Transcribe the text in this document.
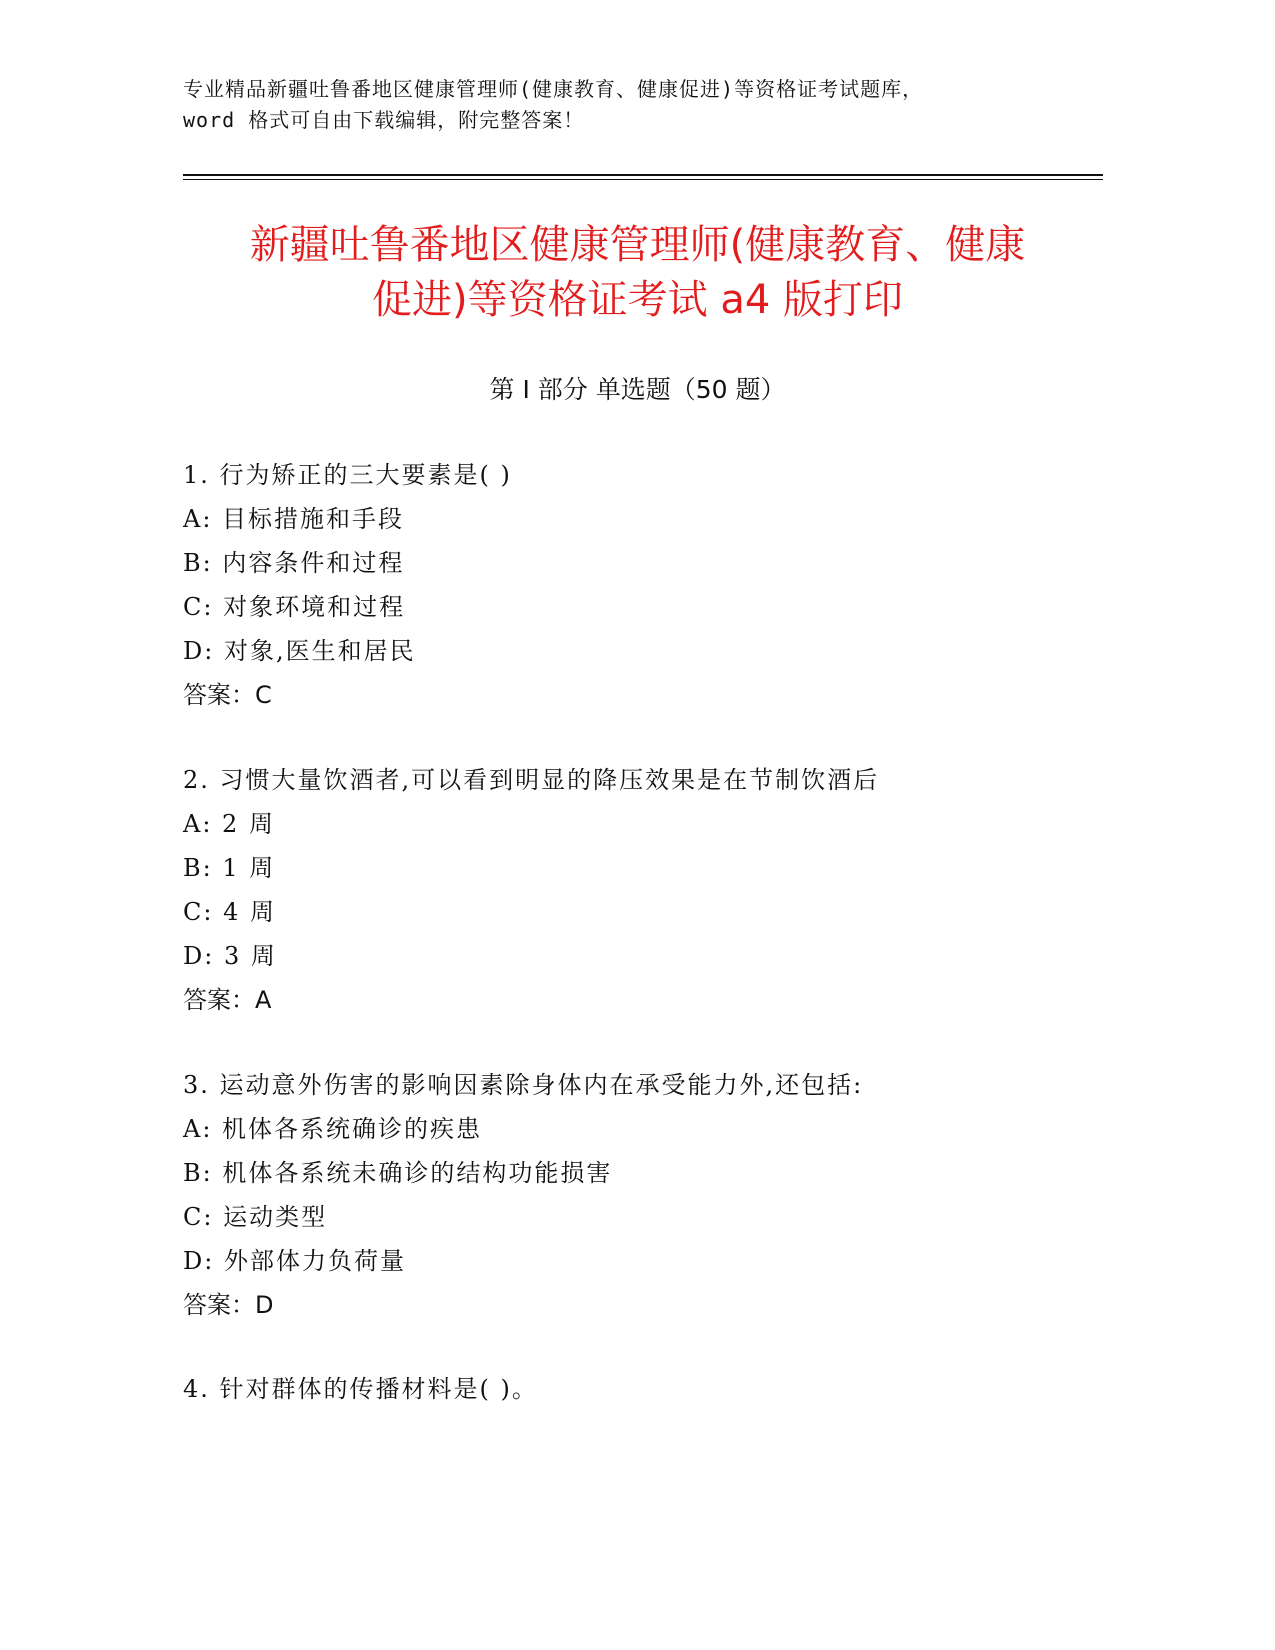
专业精品新疆吐鲁番地区健康管理师(健康教育、健康促进)等资格证考试题库，
word 格式可自由下载编辑，附完整答案！
新疆吐鲁番地区健康管理师(健康教育、健康
促进)等资格证考试 a4 版打印
第 I 部分 单选题（50 题）
1. 行为矫正的三大要素是( )
A: 目标措施和手段
B: 内容条件和过程
C: 对象环境和过程
D: 对象,医生和居民
答案：C
2. 习惯大量饮酒者,可以看到明显的降压效果是在节制饮酒后
A: 2 周
B: 1 周
C: 4 周
D: 3 周
答案：A
3. 运动意外伤害的影响因素除身体内在承受能力外,还包括:
A: 机体各系统确诊的疾患
B: 机体各系统未确诊的结构功能损害
C: 运动类型
D: 外部体力负荷量
答案：D
4. 针对群体的传播材料是( )。
